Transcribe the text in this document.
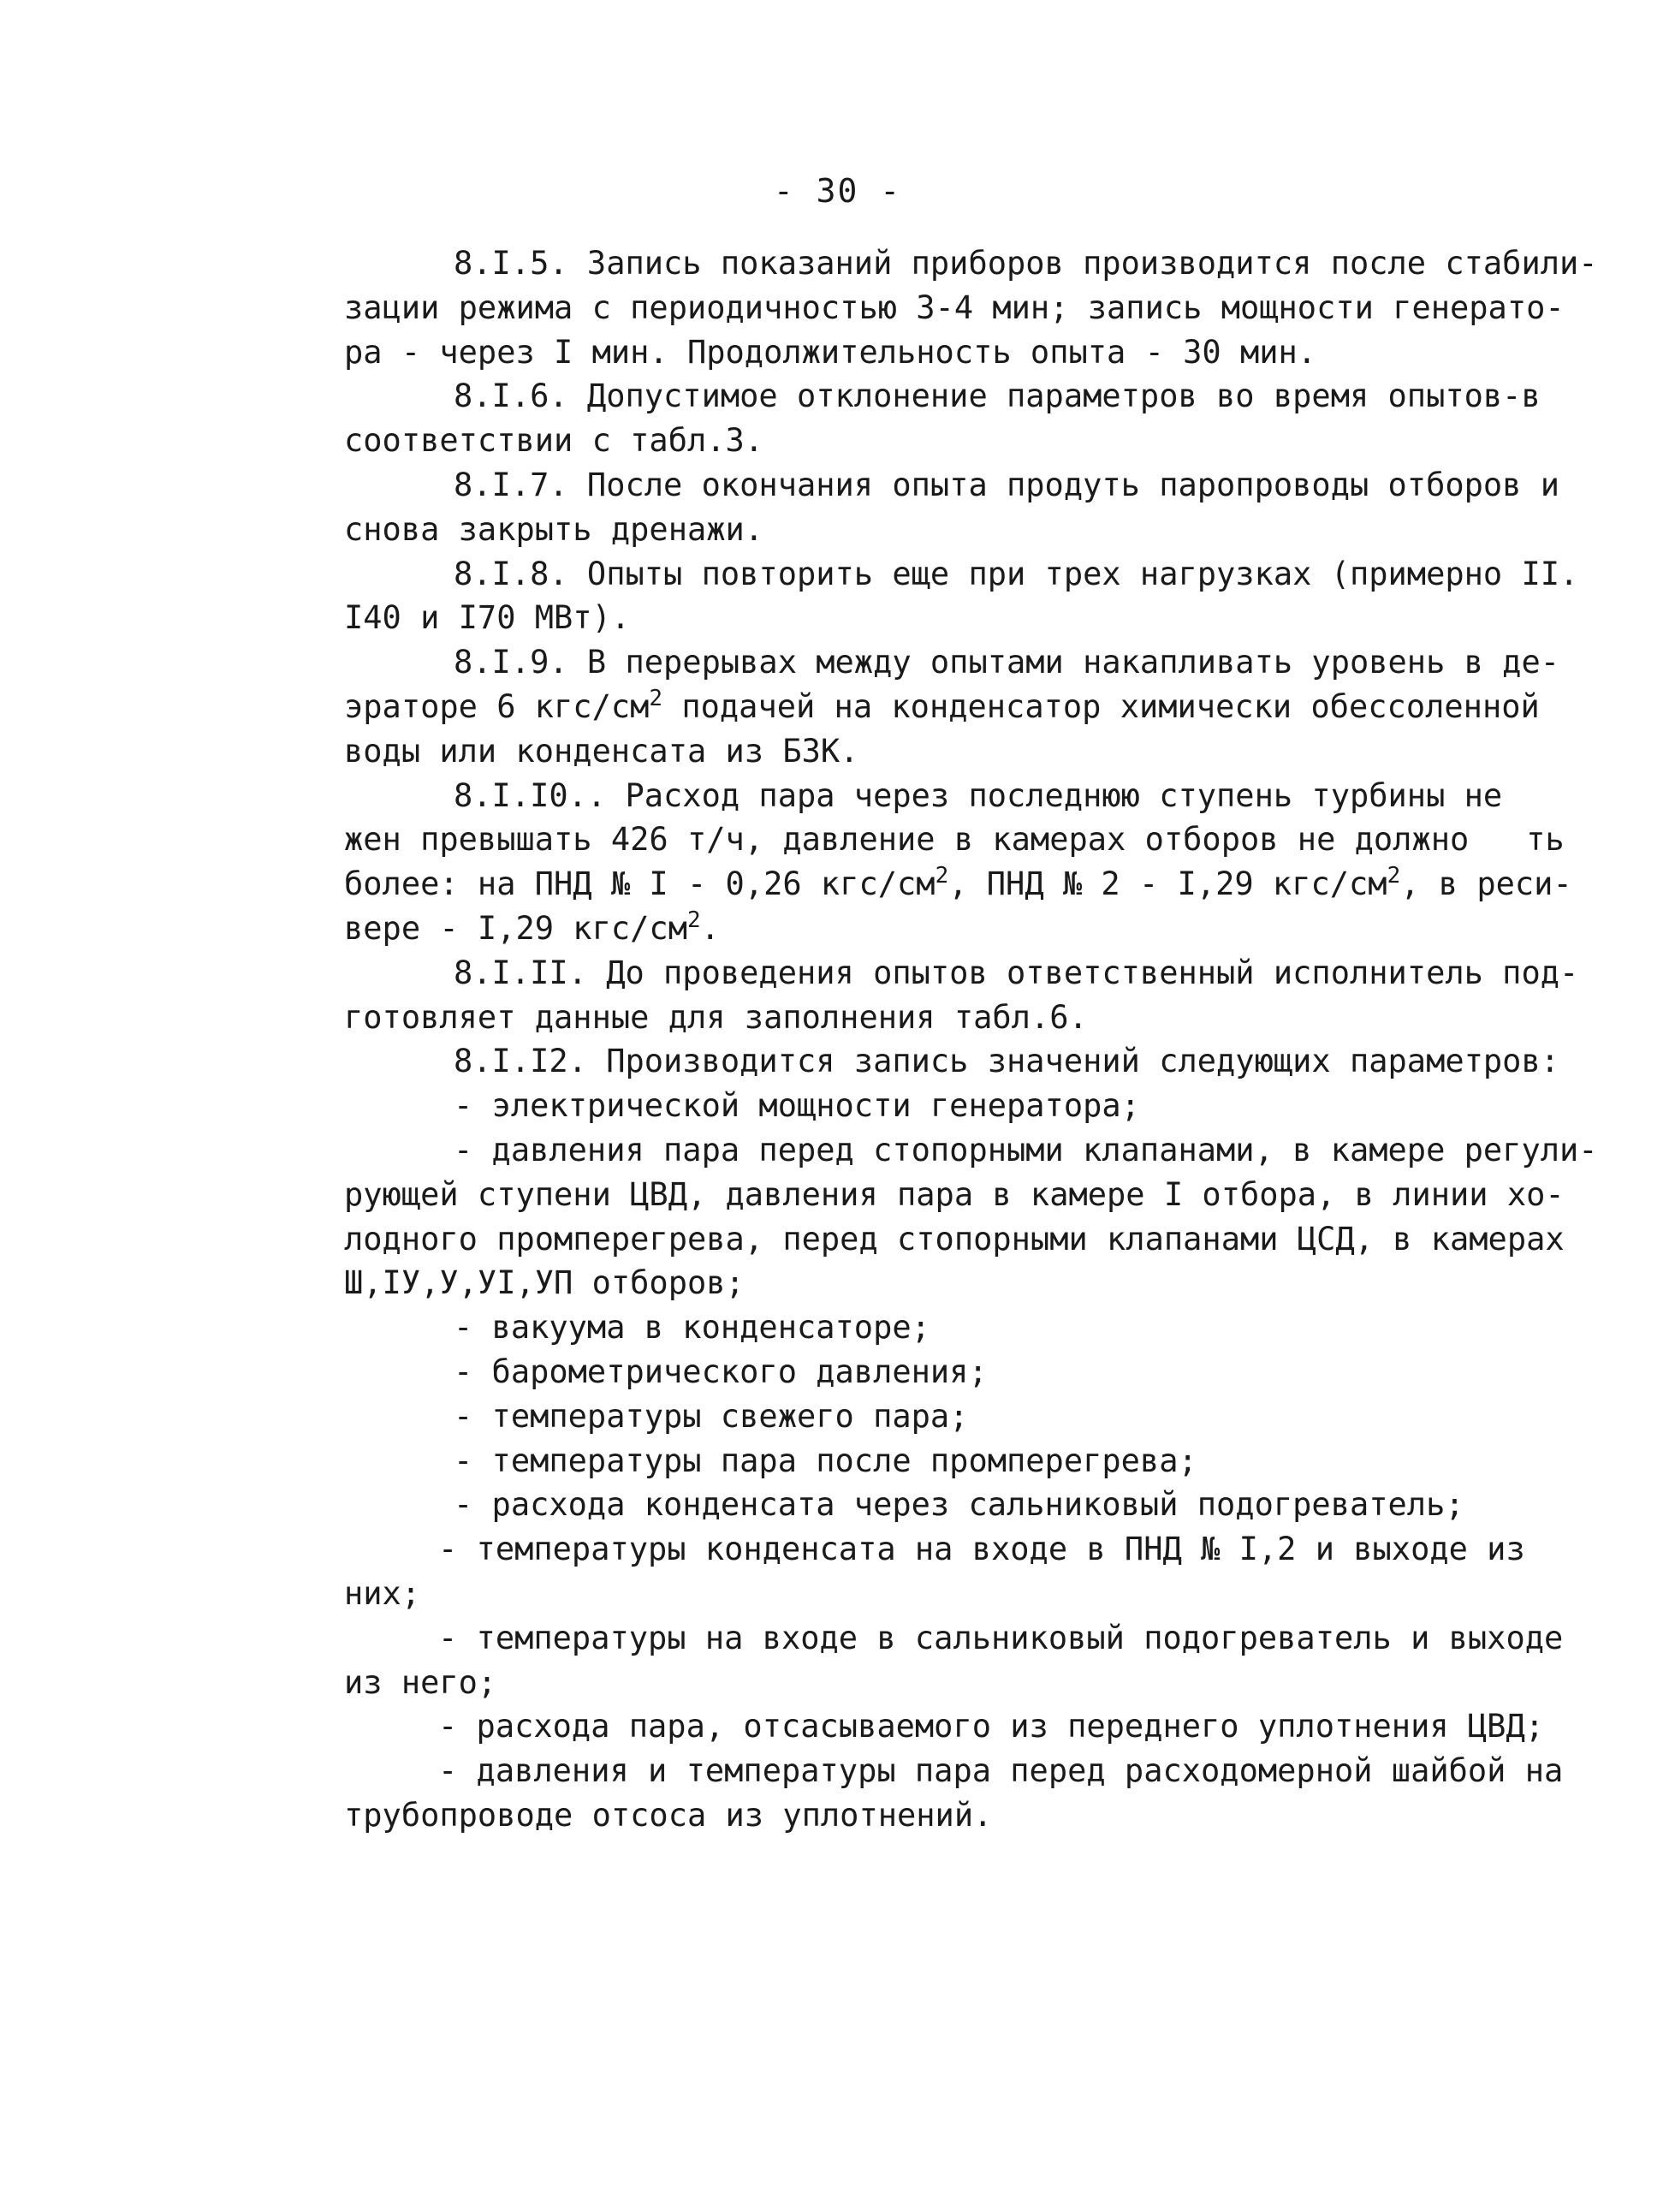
- 30 -
8.I.5. Запись показаний приборов производится после стабили-
зации режима с периодичностью 3-4 мин; запись мощности генерато-
ра - через I мин. Продолжительность опыта - 30 мин.
8.I.6. Допустимое отклонение параметров во время опытов-в
соответствии с табл.3.
8.I.7. После окончания опыта продуть паропроводы отборов и
снова закрыть дренажи.
8.I.8. Опыты повторить еще при трех нагрузках (примерно II.
I40 и I70 МВт).
8.I.9. В перерывах между опытами накапливать уровень в де-
эраторе 6 кгс/$см^2$ подачей на конденсатор химически обессоленной
воды или конденсата из БЗК.
8.I.I0.. Расход пара через последнюю ступень турбины не
жен превышать 426 т/ч, давление в камерах отборов не должно   ть
более: на ПНД № I - 0,26 кгс/$см^2$, ПНД № 2 - I,29 кгс/$см^2$, в реси-
вере - I,29 кгс/$см^2$.
8.I.II. До проведения опытов ответственный исполнитель под-
готовляет данные для заполнения табл.6.
8.I.I2. Производится запись значений следующих параметров:
- электрической мощности генератора;
- давления пара перед стопорными клапанами, в камере регули-
рующей ступени ЦВД, давления пара в камере I отбора, в линии хо-
лодного промперегрева, перед стопорными клапанами ЦСД, в камерах
Ш,IУ,У,УI,УП отборов;
- вакуума в конденсаторе;
- барометрического давления;
- температуры свежего пара;
- температуры пара после промперегрева;
- расхода конденсата через сальниковый подогреватель;
- температуры конденсата на входе в ПНД № I,2 и выходе из
них;
- температуры на входе в сальниковый подогреватель и выходе
из него;
- расхода пара, отсасываемого из переднего уплотнения ЦВД;
- давления и температуры пара перед расходомерной шайбой на
трубопроводе отсоса из уплотнений.
